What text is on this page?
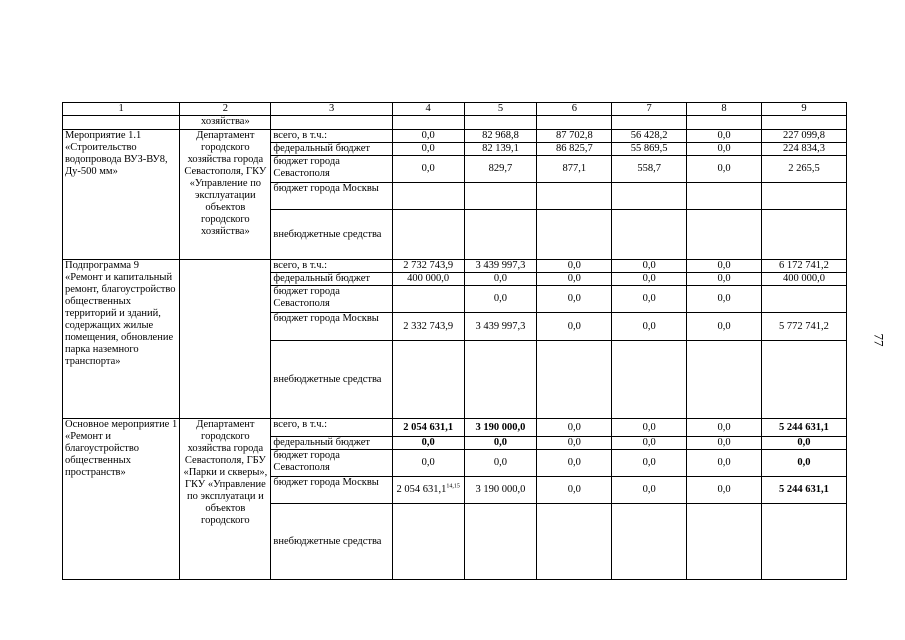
77
1	2	3	4	5	6	7	8	9
	хозяйства»							
Мероприятие 1.1 «Строительство водопровода ВУЗ-ВУ8, Ду-500 мм»	Департамент городского хозяйства города Севастополя, ГКУ «Управление по эксплуатации объектов городского хозяйства»	всего, в т.ч.:	0,0	82 968,8	87 702,8	56 428,2	0,0	227 099,8
		федеральный бюджет	0,0	82 139,1	86 825,7	55 869,5	0,0	224 834,3
		бюджет города Севастополя	0,0	829,7	877,1	558,7	0,0	2 265,5
		бюджет города Москвы						
		внебюджетные средства						
Подпрограмма 9 «Ремонт и капитальный ремонт, благоустройство общественных территорий и зданий, содержащих жилые помещения, обновление парка наземного транспорта»		всего, в т.ч.:	2 732 743,9	3 439 997,3	0,0	0,0	0,0	6 172 741,2
		федеральный бюджет	400 000,0	0,0	0,0	0,0	0,0	400 000,0
		бюджет города Севастополя		0,0	0,0	0,0	0,0	
		бюджет города Москвы	2 332 743,9	3 439 997,3	0,0	0,0	0,0	5 772 741,2
		внебюджетные средства						
Основное мероприятие 1 «Ремонт и благоустройство общественных пространств»	Департамент городского хозяйства города Севастополя, ГБУ «Парки и скверы», ГКУ «Управление по эксплуатаци и объектов городского	всего, в т.ч.:	2 054 631,1	3 190 000,0	0,0	0,0	0,0	5 244 631,1
		федеральный бюджет	0,0	0,0	0,0	0,0	0,0	0,0
		бюджет города Севастополя	0,0	0,0	0,0	0,0	0,0	0,0
		бюджет города Москвы	2 054 631,1$^{14,15}$	3 190 000,0	0,0	0,0	0,0	5 244 631,1
		внебюджетные средства						
